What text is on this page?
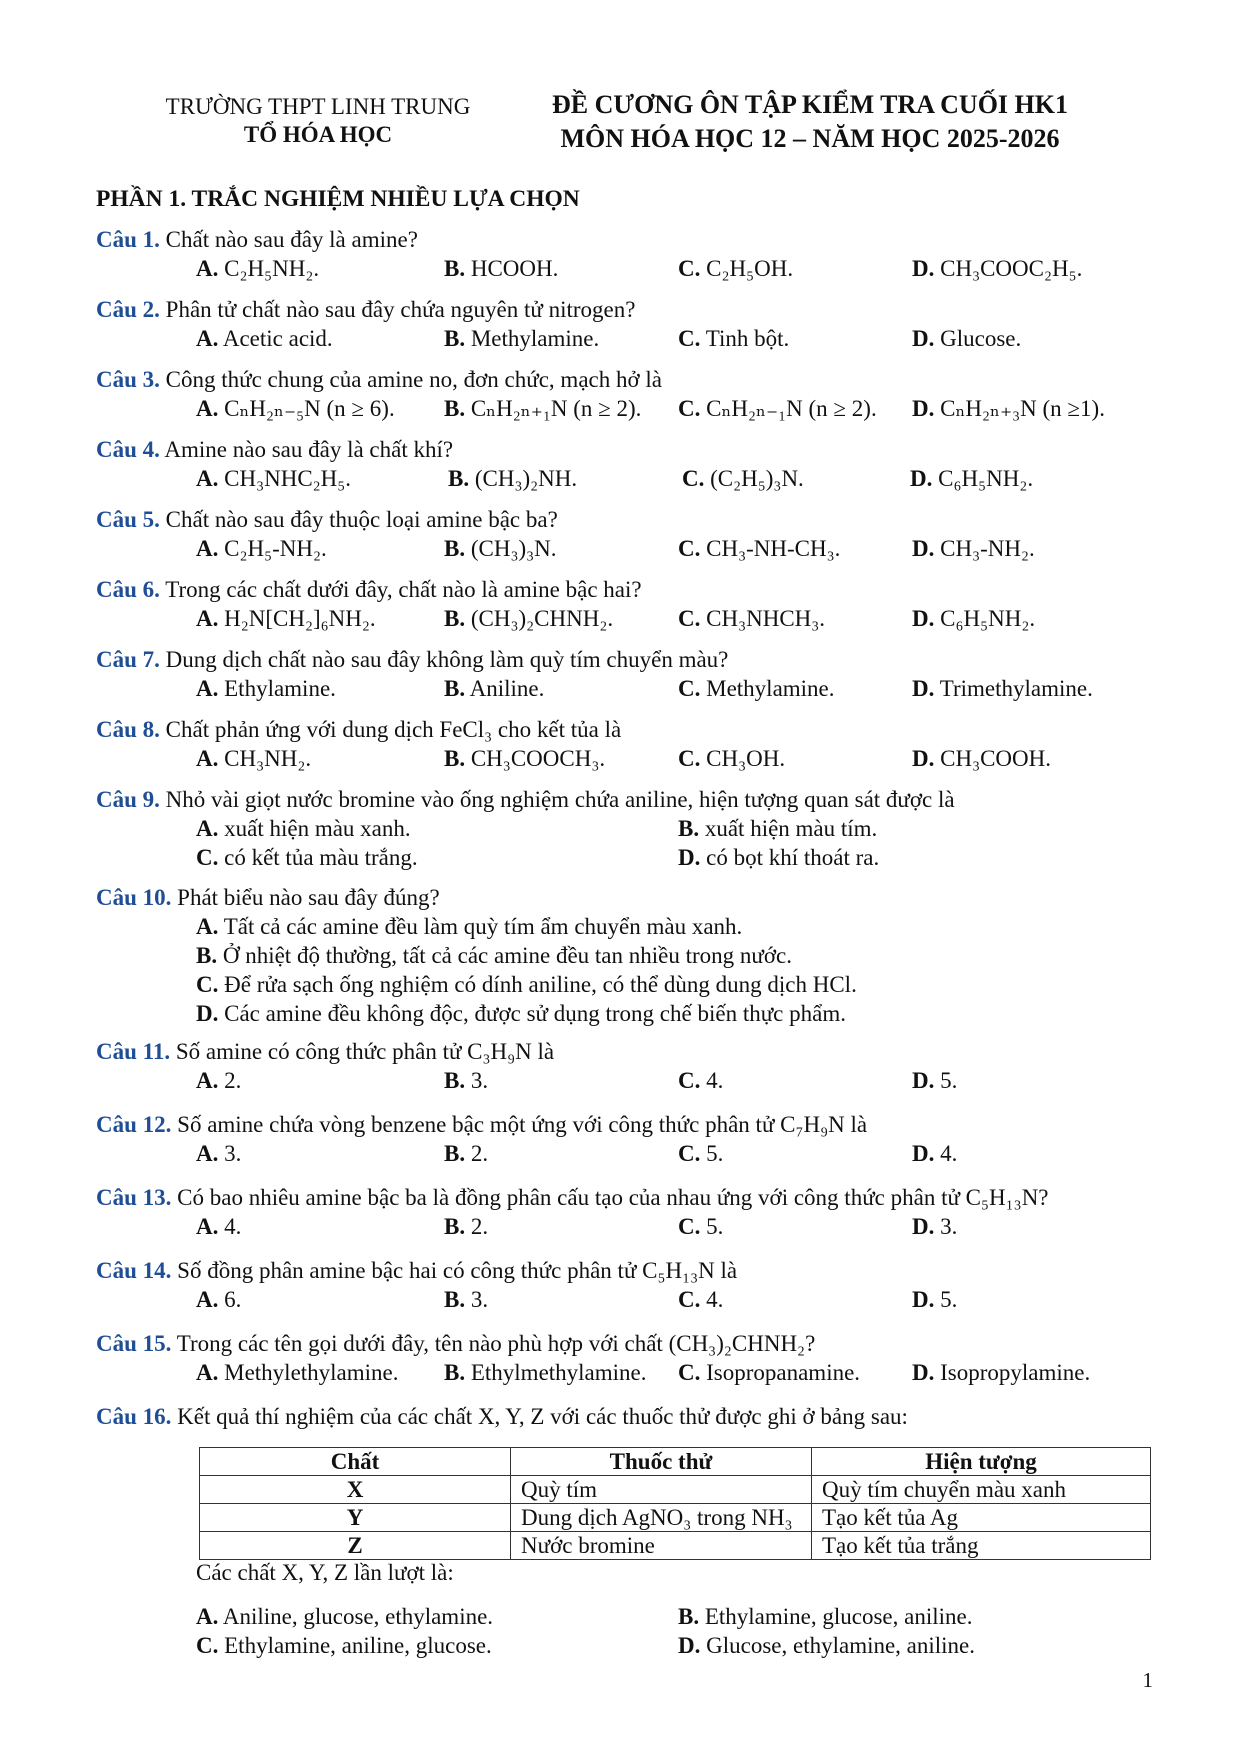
TRƯỜNG THPT LINH TRUNG
TỔ HÓA HỌC
ĐỀ CƯƠNG ÔN TẬP KIỂM TRA CUỐI HK1
MÔN HÓA HỌC 12 – NĂM HỌC 2025-2026
PHẦN 1. TRẮC NGHIỆM NHIỀU LỰA CHỌN
Câu 1. Chất nào sau đây là amine?
A. C₂H₅NH₂.	B. HCOOH.	C. C₂H₅OH.	D. CH₃COOC₂H₅.
Câu 2. Phân tử chất nào sau đây chứa nguyên tử nitrogen?
A. Acetic acid.	B. Methylamine.	C. Tinh bột.	D. Glucose.
Câu 3. Công thức chung của amine no, đơn chức, mạch hở là
A. CₙH₂ₙ₋₅N (n ≥ 6). B. CₙH₂ₙ₊₁N (n ≥ 2). C. CₙH₂ₙ₋₁N (n ≥ 2). D. CₙH₂ₙ₊₃N (n ≥1).
Câu 4. Amine nào sau đây là chất khí?
A. CH₃NHC₂H₅.	B. (CH₃)₂NH.	C. (C₂H₅)₃N.	D. C₆H₅NH₂.
Câu 5. Chất nào sau đây thuộc loại amine bậc ba?
A. C₂H₅-NH₂.	B. (CH₃)₃N.	C. CH₃-NH-CH₃.	D. CH₃-NH₂.
Câu 6. Trong các chất dưới đây, chất nào là amine bậc hai?
A. H₂N[CH₂]₆NH₂.	B. (CH₃)₂CHNH₂.	C. CH₃NHCH₃.	D. C₆H₅NH₂.
Câu 7. Dung dịch chất nào sau đây không làm quỳ tím chuyển màu?
A. Ethylamine.	B. Aniline.	C. Methylamine.	D. Trimethylamine.
Câu 8. Chất phản ứng với dung dịch FeCl₃ cho kết tủa là
A. CH₃NH₂.	B. CH₃COOCH₃.	C. CH₃OH.	D. CH₃COOH.
Câu 9. Nhỏ vài giọt nước bromine vào ống nghiệm chứa aniline, hiện tượng quan sát được là
A. xuất hiện màu xanh.	B. xuất hiện màu tím.
C. có kết tủa màu trắng.	D. có bọt khí thoát ra.
Câu 10. Phát biểu nào sau đây đúng?
A. Tất cả các amine đều làm quỳ tím ẩm chuyển màu xanh.
B. Ở nhiệt độ thường, tất cả các amine đều tan nhiều trong nước.
C. Để rửa sạch ống nghiệm có dính aniline, có thể dùng dung dịch HCl.
D. Các amine đều không độc, được sử dụng trong chế biến thực phẩm.
Câu 11. Số amine có công thức phân tử C₃H₉N là
A. 2.	B. 3.	C. 4.	D. 5.
Câu 12. Số amine chứa vòng benzene bậc một ứng với công thức phân tử C₇H₉N là
A. 3.	B. 2.	C. 5.	D. 4.
Câu 13. Có bao nhiêu amine bậc ba là đồng phân cấu tạo của nhau ứng với công thức phân tử C₅H₁₃N?
A. 4.	B. 2.	C. 5.	D. 3.
Câu 14. Số đồng phân amine bậc hai có công thức phân tử C₅H₁₃N là
A. 6.	B. 3.	C. 4.	D. 5.
Câu 15. Trong các tên gọi dưới đây, tên nào phù hợp với chất (CH₃)₂CHNH₂?
A. Methylethylamine. B. Ethylmethylamine. C. Isopropanamine. D. Isopropylamine.
Câu 16. Kết quả thí nghiệm của các chất X, Y, Z với các thuốc thử được ghi ở bảng sau:
Chất	Thuốc thử	Hiện tượng
X	Quỳ tím	Quỳ tím chuyển màu xanh
Y	Dung dịch AgNO₃ trong NH₃	Tạo kết tủa Ag
Z	Nước bromine	Tạo kết tủa trắng
Các chất X, Y, Z lần lượt là:
A. Aniline, glucose, ethylamine.	B. Ethylamine, glucose, aniline.
C. Ethylamine, aniline, glucose.	D. Glucose, ethylamine, aniline.
1
